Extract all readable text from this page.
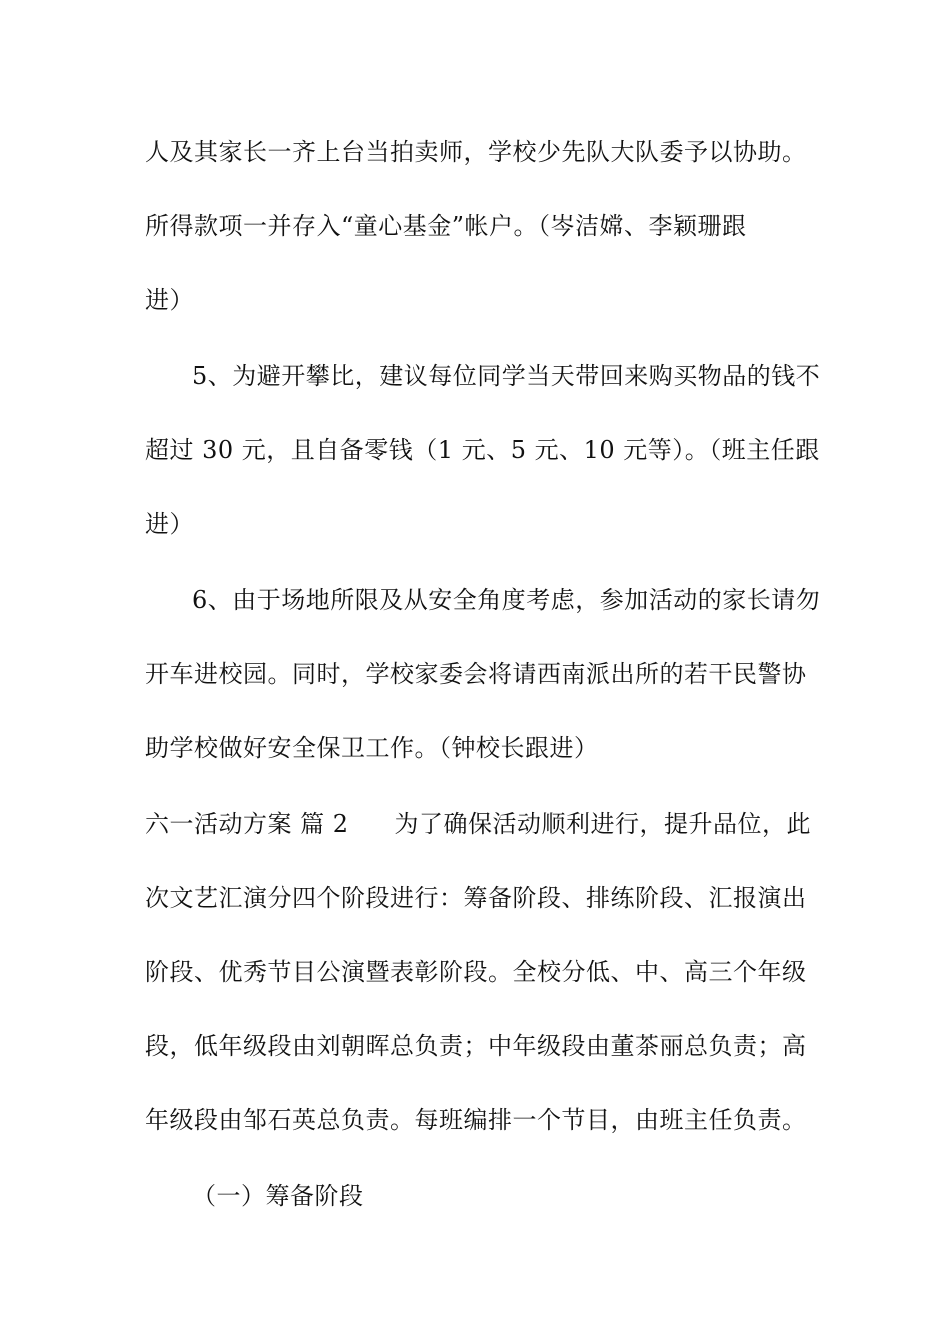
人及其家长一齐上台当拍卖师，学校少先队大队委予以协助。
所得款项一并存入“童心基金”帐户。（岑洁嫦、李颖珊跟
进）
5、为避开攀比，建议每位同学当天带回来购买物品的钱不
超过 30 元，且自备零钱（1 元、5 元、10 元等）。（班主任跟
进）
6、由于场地所限及从安全角度考虑，参加活动的家长请勿
开车进校园。同时，学校家委会将请西南派出所的若干民警协
助学校做好安全保卫工作。（钟校长跟进）
六一活动方案 篇 2 为了确保活动顺利进行，提升品位，此
次文艺汇演分四个阶段进行：筹备阶段、排练阶段、汇报演出
阶段、优秀节目公演暨表彰阶段。全校分低、中、高三个年级
段，低年级段由刘朝晖总负责；中年级段由董茶丽总负责；高
年级段由邹石英总负责。每班编排一个节目，由班主任负责。
（一）筹备阶段
